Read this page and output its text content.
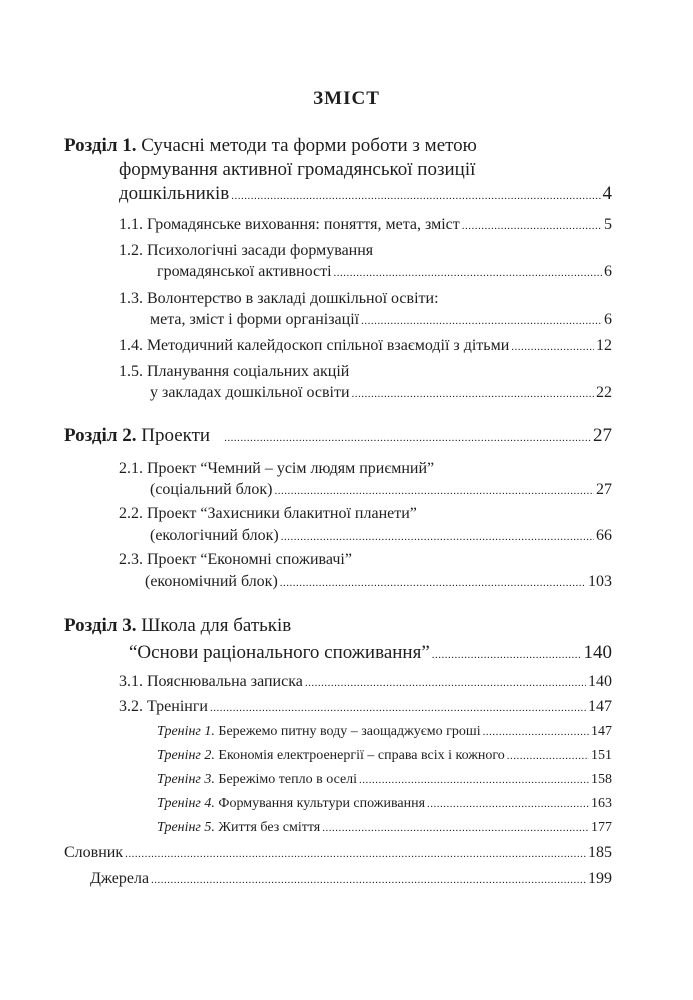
ЗМІСТ
Розділ 1. Сучасні методи та форми роботи з метою
формування активної громадянської позиції
дошкільників .....	4
1.1. Громадянське виховання: поняття, мета, зміст .....	5
1.2. Психологічні засади формування
громадянської активності .....	6
1.3. Волонтерство в закладі дошкільної освіти:
мета, зміст і форми організації .....	6
1.4. Методичний калейдоскоп спільної взаємодії з дітьми .....	12
1.5. Планування соціальних акцій
у закладах дошкільної освіти .....	22
Розділ 2. Проекти .....	27
2.1. Проект “Чемний – усім людям приємний”
(соціальний блок) .....	27
2.2. Проект “Захисники блакитної планети”
(екологічний блок) .....	66
2.3. Проект “Економні споживачі”
(економічний блок) .....	103
Розділ 3. Школа для батьків
“Основи раціонального споживання” .....	140
3.1. Пояснювальна записка .....	140
3.2. Тренінги .....	147
Тренінг 1. Бережемо питну воду – заощаджуємо гроші .....	147
Тренінг 2. Економія електроенергії – справа всіх і кожного .....	151
Тренінг 3. Бережімо тепло в оселі .....	158
Тренінг 4. Формування культури споживання .....	163
Тренінг 5. Життя без сміття .....	177
Словник .....	185
Джерела .....	199
